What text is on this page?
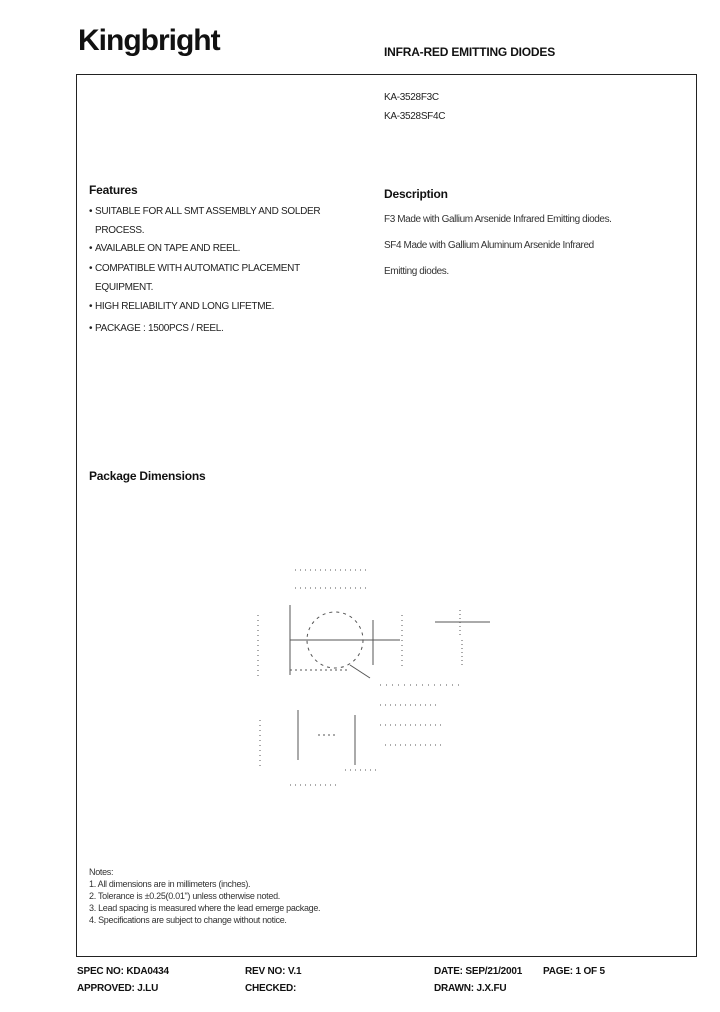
Kingbright	INFRA-RED EMITTING DIODES
KA-3528F3C
KA-3528SF4C
Features
• SUITABLE FOR ALL SMT ASSEMBLY AND SOLDER
PROCESS.
• AVAILABLE ON TAPE AND REEL.
• COMPATIBLE WITH AUTOMATIC PLACEMENT
EQUIPMENT.
• HIGH RELIABILITY AND LONG LIFETME.
• PACKAGE : 1500PCS / REEL.
Description
F3 Made with Gallium Arsenide Infrared Emitting diodes.
SF4 Made with Gallium Aluminum Arsenide Infrared
Emitting diodes.
Package Dimensions
Notes:
1. All dimensions are in millimeters (inches).
2. Tolerance is ±0.25(0.01") unless otherwise noted.
3. Lead spacing is measured where the lead emerge package.
4. Specifications are subject to change without notice.
SPEC NO: KDA0434	REV NO: V.1	DATE: SEP/21/2001 PAGE: 1 OF 5
APPROVED: J.LU	CHECKED:	DRAWN: J.X.FU
